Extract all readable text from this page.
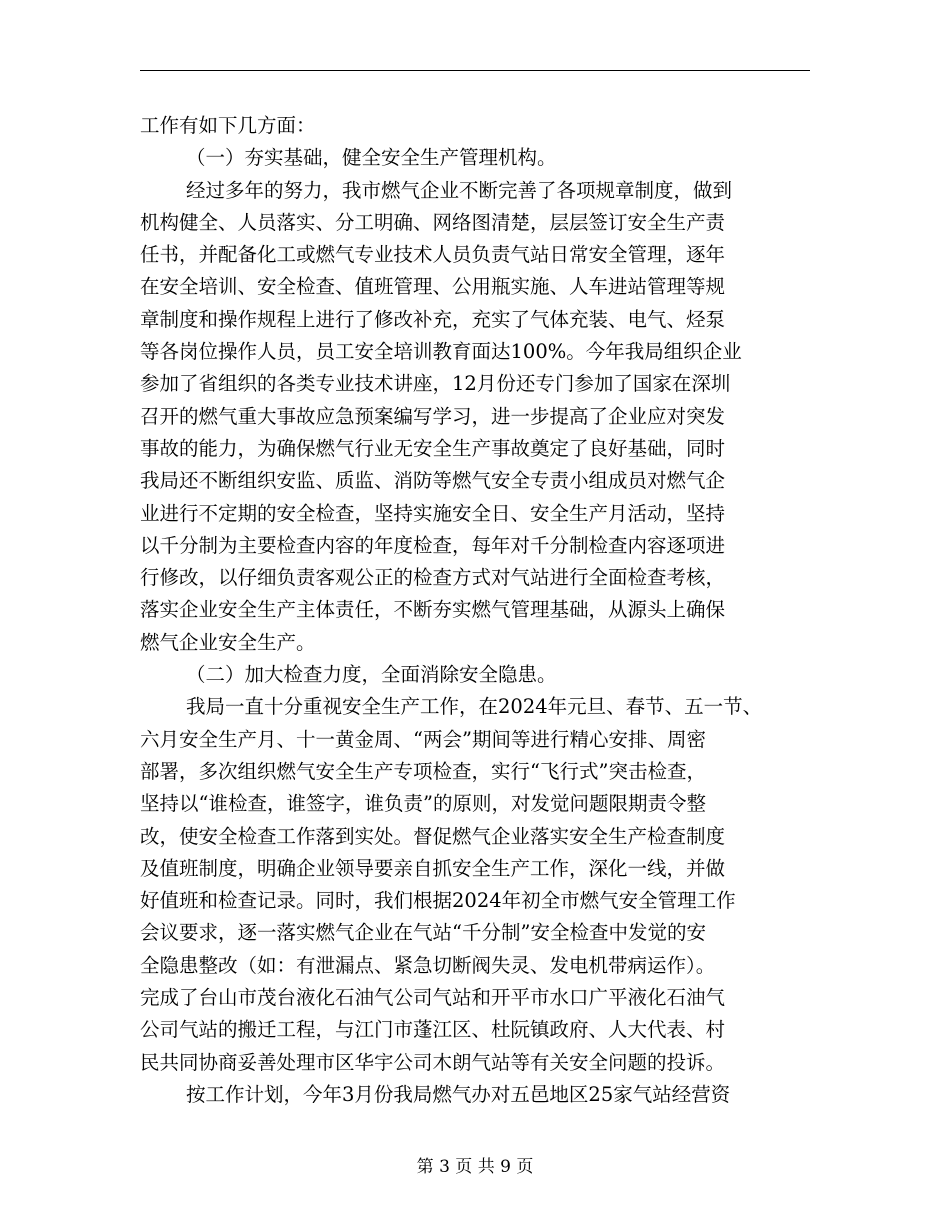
工作有如下几方面：
（一）夯实基础，健全安全生产管理机构。
经过多年的努力，我市燃气企业不断完善了各项规章制度，做到
机构健全、人员落实、分工明确、网络图清楚，层层签订安全生产责
任书，并配备化工或燃气专业技术人员负责气站日常安全管理，逐年
在安全培训、安全检查、值班管理、公用瓶实施、人车进站管理等规
章制度和操作规程上进行了修改补充，充实了气体充装、电气、烃泵
等各岗位操作人员，员工安全培训教育面达100%。今年我局组织企业
参加了省组织的各类专业技术讲座，12月份还专门参加了国家在深圳
召开的燃气重大事故应急预案编写学习，进一步提高了企业应对突发
事故的能力，为确保燃气行业无安全生产事故奠定了良好基础，同时
我局还不断组织安监、质监、消防等燃气安全专责小组成员对燃气企
业进行不定期的安全检查，坚持实施安全日、安全生产月活动，坚持
以千分制为主要检查内容的年度检查，每年对千分制检查内容逐项进
行修改，以仔细负责客观公正的检查方式对气站进行全面检查考核，
落实企业安全生产主体责任，不断夯实燃气管理基础，从源头上确保
燃气企业安全生产。
（二）加大检查力度，全面消除安全隐患。
我局一直十分重视安全生产工作，在2024年元旦、春节、五一节、
六月安全生产月、十一黄金周、“两会”期间等进行精心安排、周密
部署，多次组织燃气安全生产专项检查，实行“飞行式”突击检查，
坚持以“谁检查，谁签字，谁负责”的原则，对发觉问题限期责令整
改，使安全检查工作落到实处。督促燃气企业落实安全生产检查制度
及值班制度，明确企业领导要亲自抓安全生产工作，深化一线，并做
好值班和检查记录。同时，我们根据2024年初全市燃气安全管理工作
会议要求，逐一落实燃气企业在气站“千分制”安全检查中发觉的安
全隐患整改（如：有泄漏点、紧急切断阀失灵、发电机带病运作）。
完成了台山市茂台液化石油气公司气站和开平市水口广平液化石油气
公司气站的搬迁工程，与江门市蓬江区、杜阮镇政府、人大代表、村
民共同协商妥善处理市区华宇公司木朗气站等有关安全问题的投诉。
按工作计划，今年3月份我局燃气办对五邑地区25家气站经营资
第 3 页 共 9 页
